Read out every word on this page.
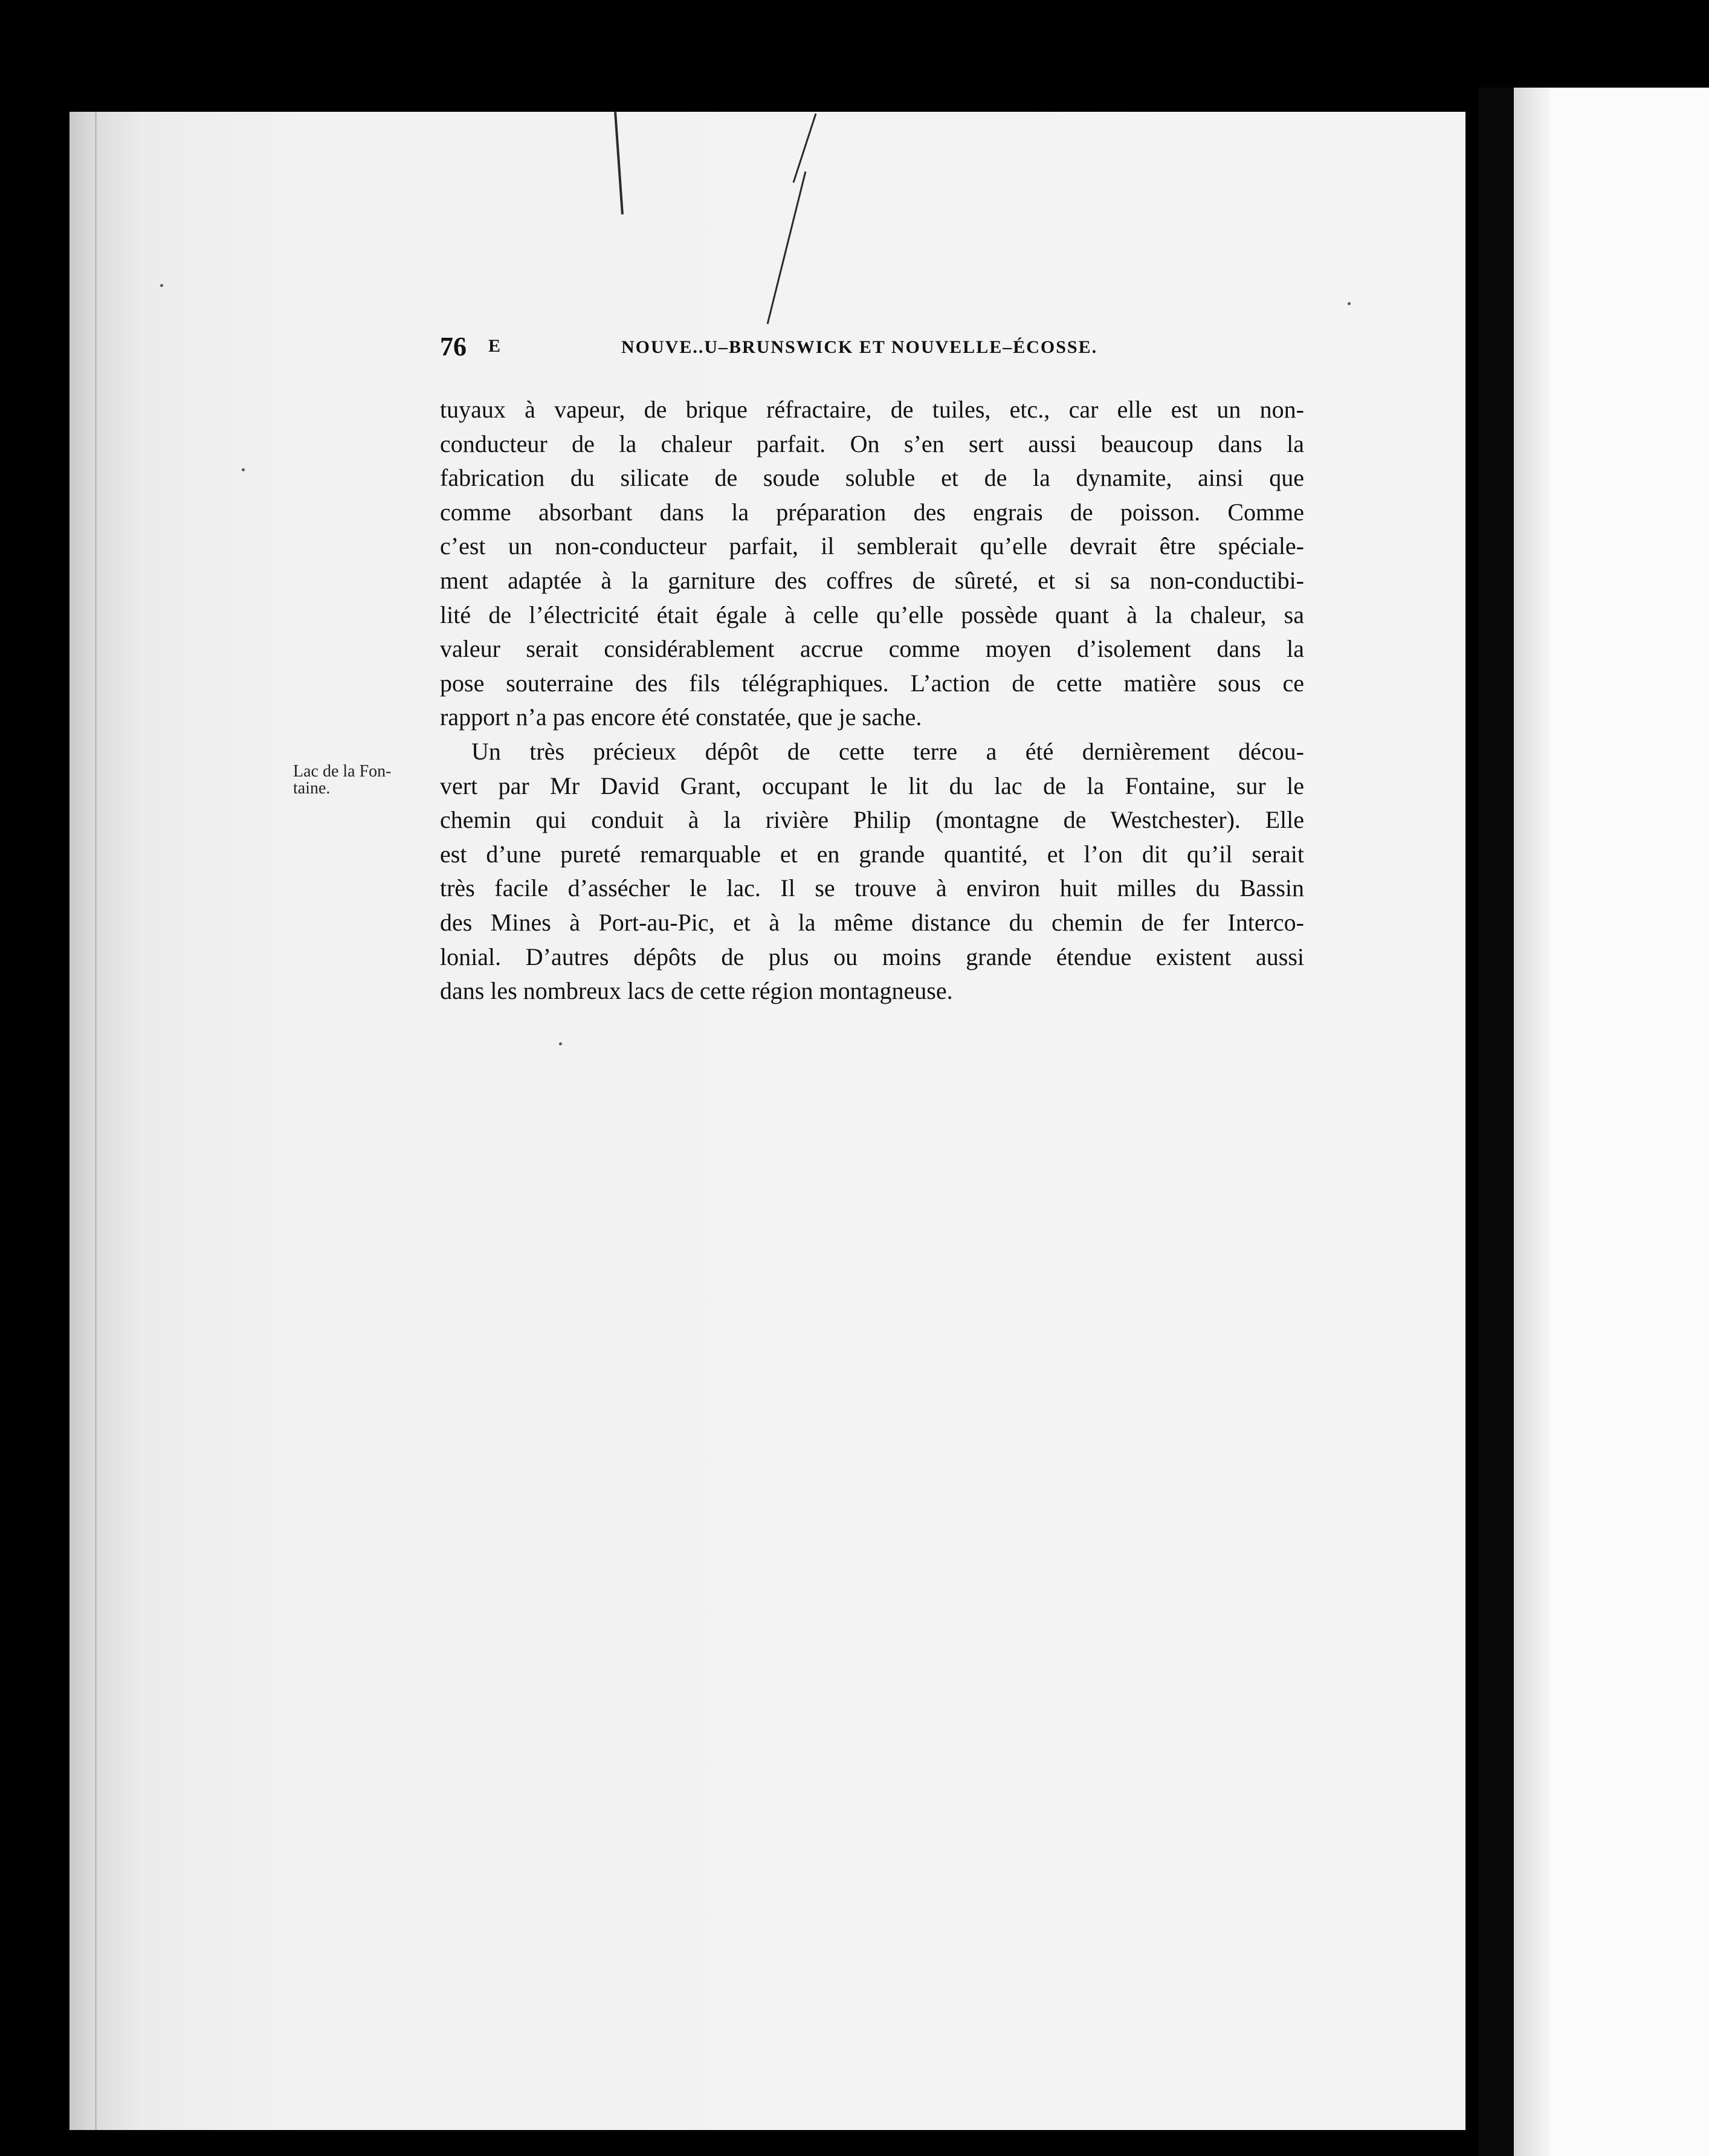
76 E	NOUVE..U–BRUNSWICK ET NOUVELLE–ÉCOSSE.
Lac de la Fon-
taine.
tuyaux à vapeur, de brique réfractaire, de tuiles, etc., car elle est un non-
conducteur de la chaleur parfait. On s’en sert aussi beaucoup dans la
fabrication du silicate de soude soluble et de la dynamite, ainsi que
comme absorbant dans la préparation des engrais de poisson. Comme
c’est un non-conducteur parfait, il semblerait qu’elle devrait être spéciale-
ment adaptée à la garniture des coffres de sûreté, et si sa non-conductibi-
lité de l’électricité était égale à celle qu’elle possède quant à la chaleur, sa
valeur serait considérablement accrue comme moyen d’isolement dans la
pose souterraine des fils télégraphiques. L’action de cette matière sous ce
rapport n’a pas encore été constatée, que je sache.
Un très précieux dépôt de cette terre a été dernièrement décou-
vert par Mr David Grant, occupant le lit du lac de la Fontaine, sur le
chemin qui conduit à la rivière Philip (montagne de Westchester). Elle
est d’une pureté remarquable et en grande quantité, et l’on dit qu’il serait
très facile d’assécher le lac. Il se trouve à environ huit milles du Bassin
des Mines à Port-au-Pic, et à la même distance du chemin de fer Interco-
lonial. D’autres dépôts de plus ou moins grande étendue existent aussi
dans les nombreux lacs de cette région montagneuse.
